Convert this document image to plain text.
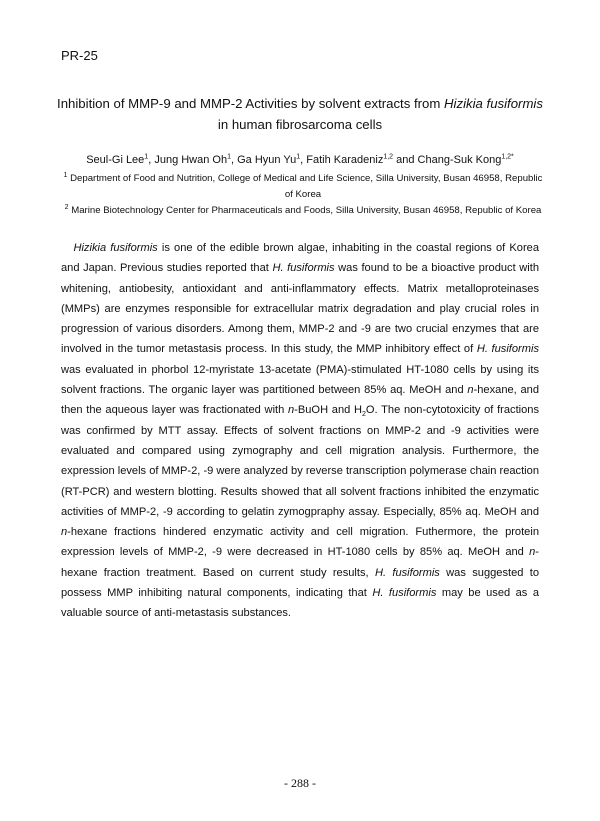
PR-25
Inhibition of MMP-9 and MMP-2 Activities by solvent extracts from Hizikia fusiformis
in human fibrosarcoma cells
Seul-Gi Lee$^1$, Jung Hwan Oh$^1$, Ga Hyun Yu$^1$, Fatih Karadeniz$^{1,2}$ and Chang-Suk Kong$^{1,2*}$
$^1$ Department of Food and Nutrition, College of Medical and Life Science, Silla University, Busan 46958, Republic of Korea
$^2$ Marine Biotechnology Center for Pharmaceuticals and Foods, Silla University, Busan 46958, Republic of Korea

Hizikia fusiformis is one of the edible brown algae, inhabiting in the coastal regions of Korea and Japan. Previous studies reported that H. fusiformis was found to be a bioactive product with whitening, antiobesity, antioxidant and anti-inflammatory effects. Matrix metalloproteinases (MMPs) are enzymes responsible for extracellular matrix degradation and play crucial roles in progression of various disorders. Among them, MMP-2 and -9 are two crucial enzymes that are involved in the tumor metastasis process. In this study, the MMP inhibitory effect of H. fusiformis was evaluated in phorbol 12-myristate 13-acetate (PMA)-stimulated HT-1080 cells by using its solvent fractions. The organic layer was partitioned between 85% aq. MeOH and n-hexane, and then the aqueous layer was fractionated with n-BuOH and $H_2O$. The non-cytotoxicity of fractions was confirmed by MTT assay. Effects of solvent fractions on MMP-2 and -9 activities were evaluated and compared using zymography and cell migration analysis. Furthermore, the expression levels of MMP-2, -9 were analyzed by reverse transcription polymerase chain reaction (RT-PCR) and western blotting. Results showed that all solvent fractions inhibited the enzymatic activities of MMP-2, -9 according to gelatin zymogpraphy assay. Especially, 85% aq. MeOH and n-hexane fractions hindered enzymatic activity and cell migration. Futhermore, the protein expression levels of MMP-2, -9 were decreased in HT-1080 cells by 85% aq. MeOH and n-hexane fraction treatment. Based on current study results, H. fusiformis was suggested to possess MMP inhibiting natural components, indicating that H. fusiformis may be used as a valuable source of anti-metastasis substances.

- 288 -
